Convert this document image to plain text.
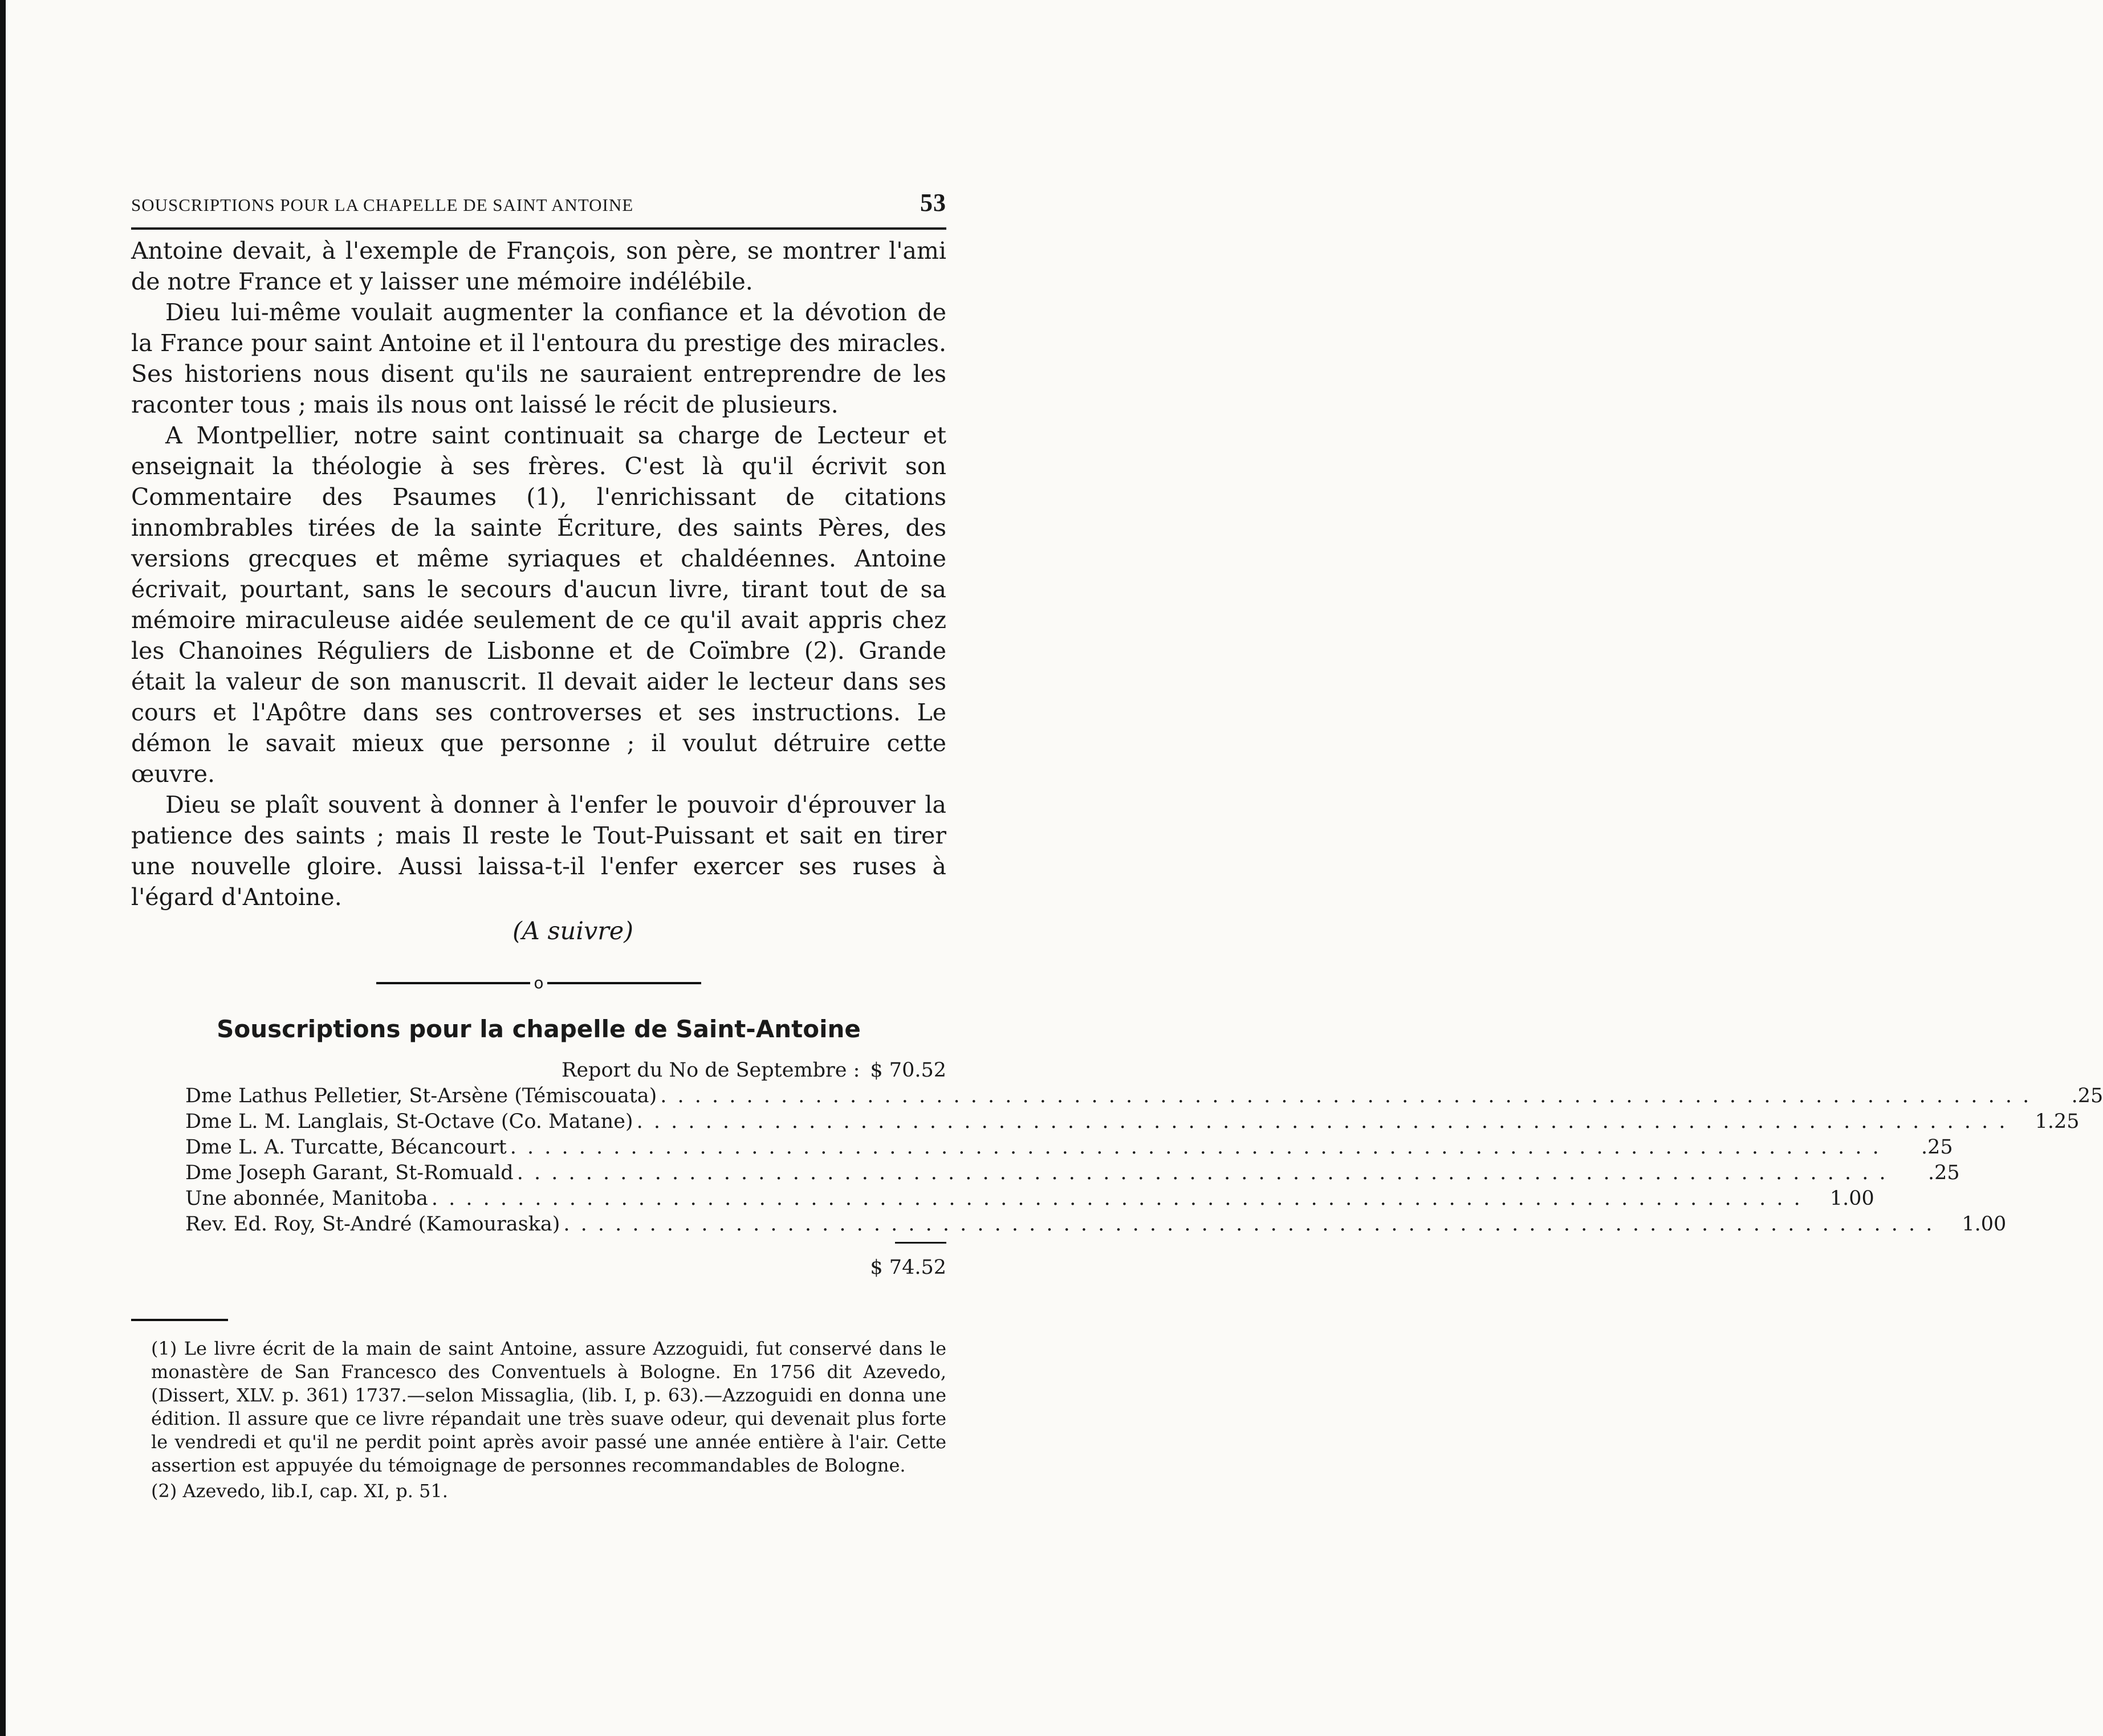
SOUSCRIPTIONS POUR LA CHAPELLE DE SAINT ANTOINE	53

Antoine devait, à l'exemple de François, son père, se montrer l'ami de notre France et y laisser une mémoire indélébile.

Dieu lui-même voulait augmenter la confiance et la dévotion de la France pour saint Antoine et il l'entoura du prestige des miracles. Ses historiens nous disent qu'ils ne sauraient entreprendre de les raconter tous ; mais ils nous ont laissé le récit de plusieurs.

A Montpellier, notre saint continuait sa charge de Lecteur et enseignait la théologie à ses frères. C'est là qu'il écrivit son Commentaire des Psaumes (1), l'enrichissant de citations innombrables tirées de la sainte Écriture, des saints Pères, des versions grecques et même syriaques et chaldéennes. Antoine écrivait, pourtant, sans le secours d'aucun livre, tirant tout de sa mémoire miraculeuse aidée seulement de ce qu'il avait appris chez les Chanoines Réguliers de Lisbonne et de Coïmbre (2). Grande était la valeur de son manuscrit. Il devait aider le lecteur dans ses cours et l'Apôtre dans ses controverses et ses instructions. Le démon le savait mieux que personne ; il voulut détruire cette œuvre.

Dieu se plaît souvent à donner à l'enfer le pouvoir d'éprouver la patience des saints ; mais Il reste le Tout-Puissant et sait en tirer une nouvelle gloire. Aussi laissa-t-il l'enfer exercer ses ruses à l'égard d'Antoine.

(A suivre)
o
Souscriptions pour la chapelle de Saint-Antoine
Report du No de Septembre : $ 70.52
Dme Lathus Pelletier, St-Arsène (Témiscouata) . . . . . . . . . . . . . . . . . . . . . . . . . . . . . . . . . . . . . . . . . . . . . . . . . . . . . . . . . . . . . . . . . . . . . . . . . . . . . . . .	.25
Dme L. M. Langlais, St-Octave (Co. Matane) . . . . . . . . . . . . . . . . . . . . . . . . . . . . . . . . . . . . . . . . . . . . . . . . . . . . . . . . . . . . . . . . . . . . . . . . . . . . . . . .	1.25
Dme L. A. Turcatte, Bécancourt . . . . . . . . . . . . . . . . . . . . . . . . . . . . . . . . . . . . . . . . . . . . . . . . . . . . . . . . . . . . . . . . . . . . . . . . . . . . . . . .	.25
Dme Joseph Garant, St-Romuald . . . . . . . . . . . . . . . . . . . . . . . . . . . . . . . . . . . . . . . . . . . . . . . . . . . . . . . . . . . . . . . . . . . . . . . . . . . . . . . .	.25
Une abonnée, Manitoba . . . . . . . . . . . . . . . . . . . . . . . . . . . . . . . . . . . . . . . . . . . . . . . . . . . . . . . . . . . . . . . . . . . . . . . . . . . . . . . .	1.00
Rev. Ed. Roy, St-André (Kamouraska) . . . . . . . . . . . . . . . . . . . . . . . . . . . . . . . . . . . . . . . . . . . . . . . . . . . . . . . . . . . . . . . . . . . . . . . . . . . . . . . .	1.00
$ 74.52

(1) Le livre écrit de la main de saint Antoine, assure Azzoguidi, fut conservé dans le monastère de San Francesco des Conventuels à Bologne. En 1756 dit Azevedo, (Dissert, XLV. p. 361) 1737.—selon Missaglia, (lib. I, p. 63).—Azzoguidi en donna une édition. Il assure que ce livre répandait une très suave odeur, qui devenait plus forte le vendredi et qu'il ne perdit point après avoir passé une année entière à l'air. Cette assertion est appuyée du témoignage de personnes recommandables de Bologne.

(2) Azevedo, lib.I, cap. XI, p. 51.
